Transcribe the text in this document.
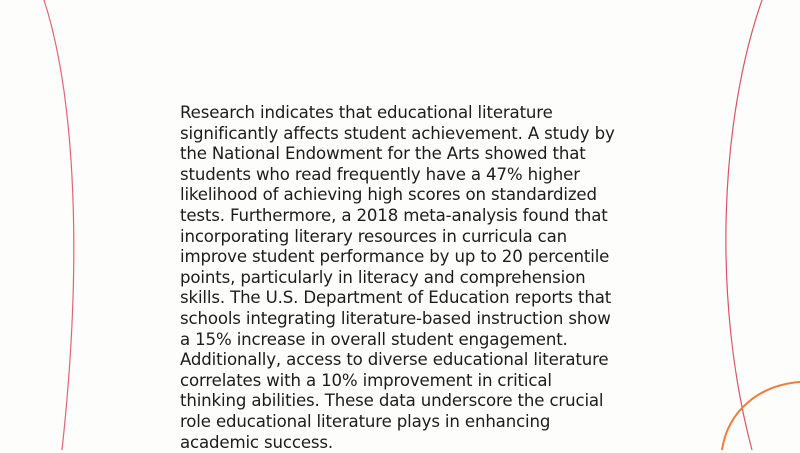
Research indicates that educational literature significantly affects student achievement. A study by the National Endowment for the Arts showed that students who read frequently have a 47% higher likelihood of achieving high scores on standardized tests. Furthermore, a 2018 meta-analysis found that incorporating literary resources in curricula can improve student performance by up to 20 percentile points, particularly in literacy and comprehension skills. The U.S. Department of Education reports that schools integrating literature-based instruction show a 15% increase in overall student engagement. Additionally, access to diverse educational literature correlates with a 10% improvement in critical thinking abilities. These data underscore the crucial role educational literature plays in enhancing academic success.
